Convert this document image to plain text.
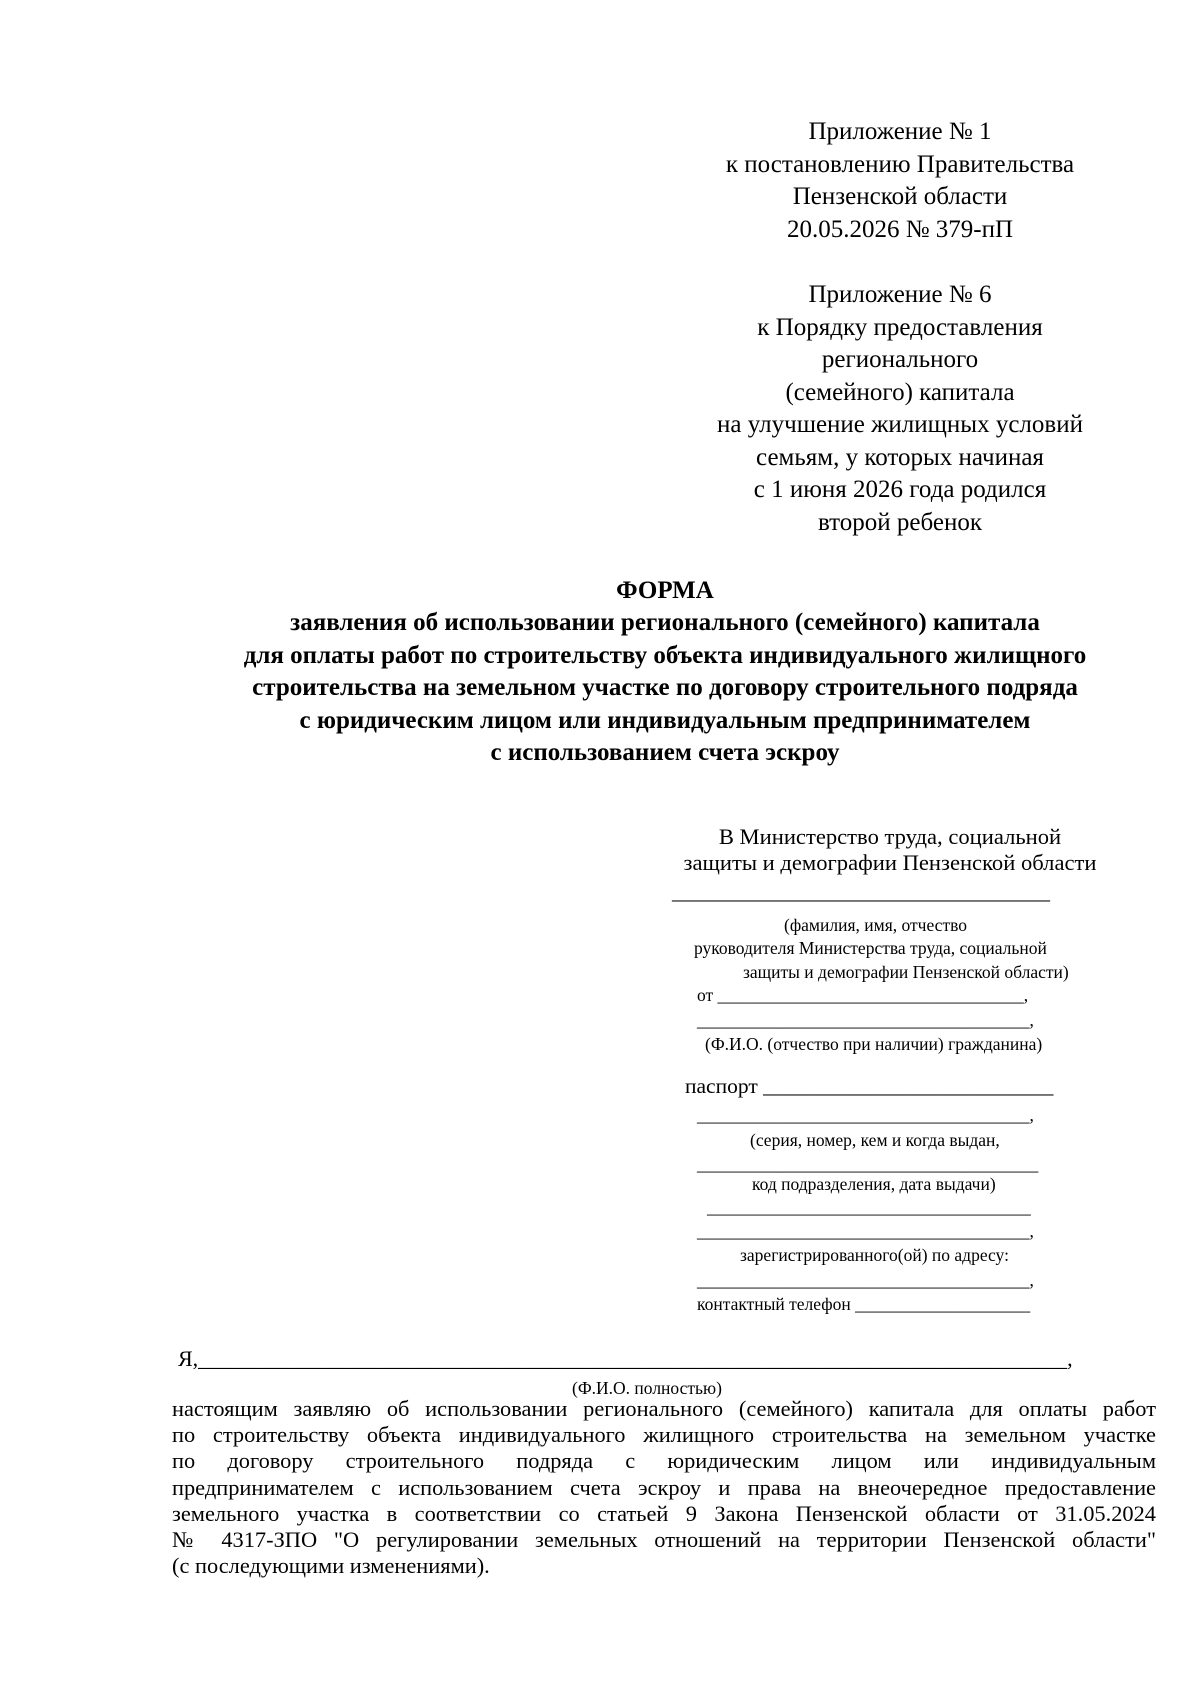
Приложение № 1
к постановлению Правительства
Пензенской области
20.05.2026 № 379-пП
Приложение № 6
к Порядку предоставления
регионального
(семейного) капитала
на улучшение жилищных условий
семьям, у которых начиная
с 1 июня 2026 года родился
второй ребенок
ФОРМА
заявления об использовании регионального (семейного) капитала
для оплаты работ по строительству объекта индивидуального жилищного
строительства на земельном участке по договору строительного подряда
с юридическим лицом или индивидуальным предпринимателем
с использованием счета эскроу
В Министерство труда, социальной
защиты и демографии Пензенской области
____________________________________
(фамилия, имя, отчество
руководителя Министерства труда, социальной
защиты и демографии Пензенской области)
от ___________________________________,
______________________________________,
(Ф.И.О. (отчество при наличии) гражданина)
паспорт ___________________________
______________________________________,
(серия, номер, кем и когда выдан,
_______________________________________
код подразделения, дата выдачи)
_____________________________________
______________________________________,
зарегистрированного(ой) по адресу:
______________________________________,
контактный телефон ____________________
Я,_______________________________________________________________________________,
(Ф.И.О. полностью)
настоящим заявляю об использовании регионального (семейного) капитала для оплаты работ
по строительству объекта индивидуального жилищного строительства на земельном участке
по договору строительного подряда с юридическим лицом или индивидуальным
предпринимателем с использованием счета эскроу и права на внеочередное предоставление
земельного участка в соответствии со статьей 9 Закона Пензенской области от 31.05.2024
№ 4317-ЗПО "О регулировании земельных отношений на территории Пензенской области"
(с последующими изменениями).
